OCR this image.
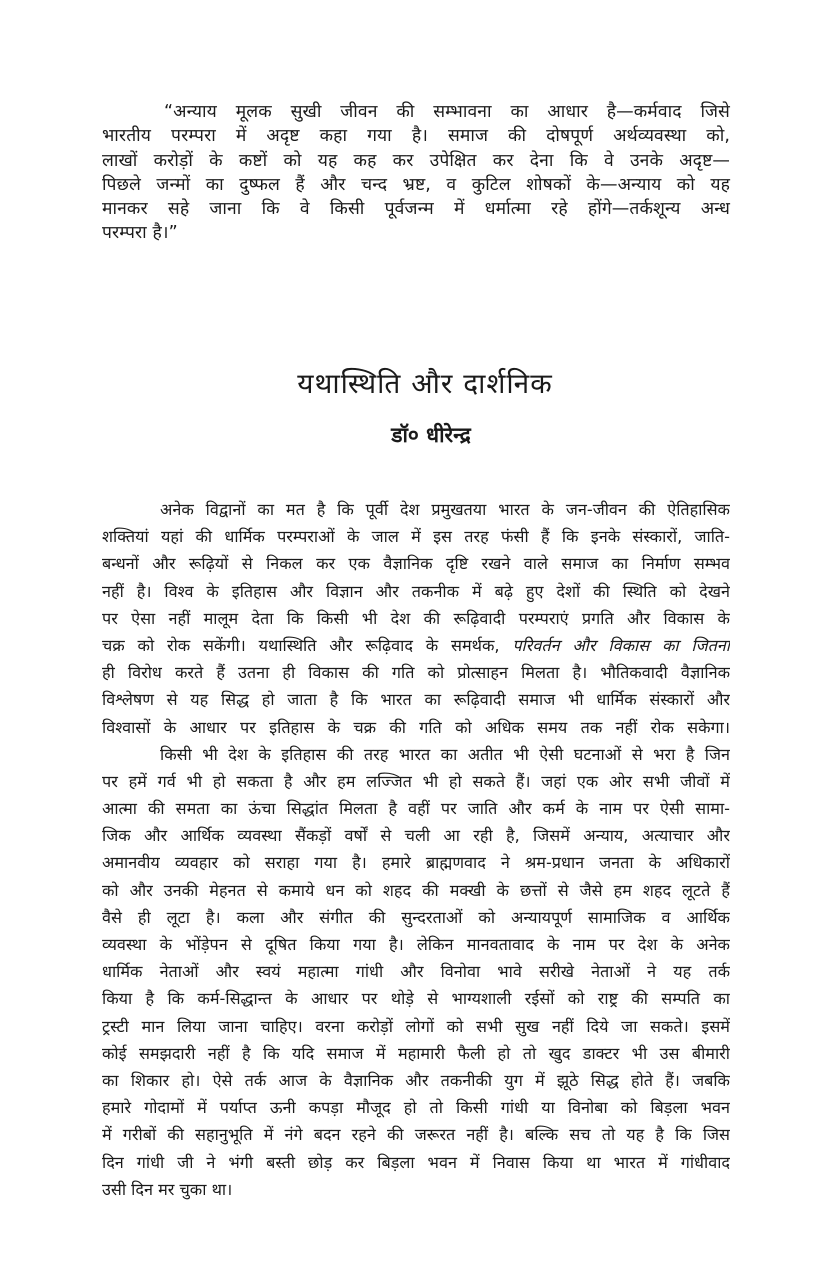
“अन्याय मूलक सुखी जीवन की सम्भावना का आधार है—कर्मवाद जिसे
भारतीय परम्परा में अदृष्ट कहा गया है। समाज की दोषपूर्ण अर्थव्यवस्था को,
लाखों करोड़ों के कष्टों को यह कह कर उपेक्षित कर देना कि वे उनके अदृष्ट—
पिछले जन्मों का दुष्फल हैं और चन्द भ्रष्ट, व कुटिल शोषकों के—अन्याय को यह
मानकर सहे जाना कि वे किसी पूर्वजन्म में धर्मात्मा रहे होंगे—तर्कशून्य अन्ध
परम्परा है।”
यथास्थिति और दार्शनिक
डॉ० धीरेन्द्र
अनेक विद्वानों का मत है कि पूर्वी देश प्रमुखतया भारत के जन-जीवन की ऐतिहासिक
शक्तियां यहां की धार्मिक परम्पराओं के जाल में इस तरह फंसी हैं कि इनके संस्कारों, जाति-
बन्धनों और रूढ़ियों से निकल कर एक वैज्ञानिक दृष्टि रखने वाले समाज का निर्माण सम्भव
नहीं है। विश्व के इतिहास और विज्ञान और तकनीक में बढ़े हुए देशों की स्थिति को देखने
पर ऐसा नहीं मालूम देता कि किसी भी देश की रूढ़िवादी परम्पराएं प्रगति और विकास के
चक्र को रोक सकेंगी। यथास्थिति और रूढ़िवाद के समर्थक, परिवर्तन और विकास का जितना
ही विरोध करते हैं उतना ही विकास की गति को प्रोत्साहन मिलता है। भौतिकवादी वैज्ञानिक
विश्लेषण से यह सिद्ध हो जाता है कि भारत का रूढ़िवादी समाज भी धार्मिक संस्कारों और
विश्वासों के आधार पर इतिहास के चक्र की गति को अधिक समय तक नहीं रोक सकेगा।
किसी भी देश के इतिहास की तरह भारत का अतीत भी ऐसी घटनाओं से भरा है जिन
पर हमें गर्व भी हो सकता है और हम लज्जित भी हो सकते हैं। जहां एक ओर सभी जीवों में
आत्मा की समता का ऊंचा सिद्धांत मिलता है वहीं पर जाति और कर्म के नाम पर ऐसी सामा-
जिक और आर्थिक व्यवस्था सैंकड़ों वर्षों से चली आ रही है, जिसमें अन्याय, अत्याचार और
अमानवीय व्यवहार को सराहा गया है। हमारे ब्राह्मणवाद ने श्रम-प्रधान जनता के अधिकारों
को और उनकी मेहनत से कमाये धन को शहद की मक्खी के छत्तों से जैसे हम शहद लूटते हैं
वैसे ही लूटा है। कला और संगीत की सुन्दरताओं को अन्यायपूर्ण सामाजिक व आर्थिक
व्यवस्था के भोंड़ेपन से दूषित किया गया है। लेकिन मानवतावाद के नाम पर देश के अनेक
धार्मिक नेताओं और स्वयं महात्मा गांधी और विनोवा भावे सरीखे नेताओं ने यह तर्क
किया है कि कर्म-सिद्धान्त के आधार पर थोड़े से भाग्यशाली रईसों को राष्ट्र की सम्पति का
ट्रस्टी मान लिया जाना चाहिए। वरना करोड़ों लोगों को सभी सुख नहीं दिये जा सकते। इसमें
कोई समझदारी नहीं है कि यदि समाज में महामारी फैली हो तो खुद डाक्टर भी उस बीमारी
का शिकार हो। ऐसे तर्क आज के वैज्ञानिक और तकनीकी युग में झूठे सिद्ध होते हैं। जबकि
हमारे गोदामों में पर्याप्त ऊनी कपड़ा मौजूद हो तो किसी गांधी या विनोबा को बिड़ला भवन
में गरीबों की सहानुभूति में नंगे बदन रहने की जरूरत नहीं है। बल्कि सच तो यह है कि जिस
दिन गांधी जी ने भंगी बस्ती छोड़ कर बिड़ला भवन में निवास किया था भारत में गांधीवाद
उसी दिन मर चुका था।
